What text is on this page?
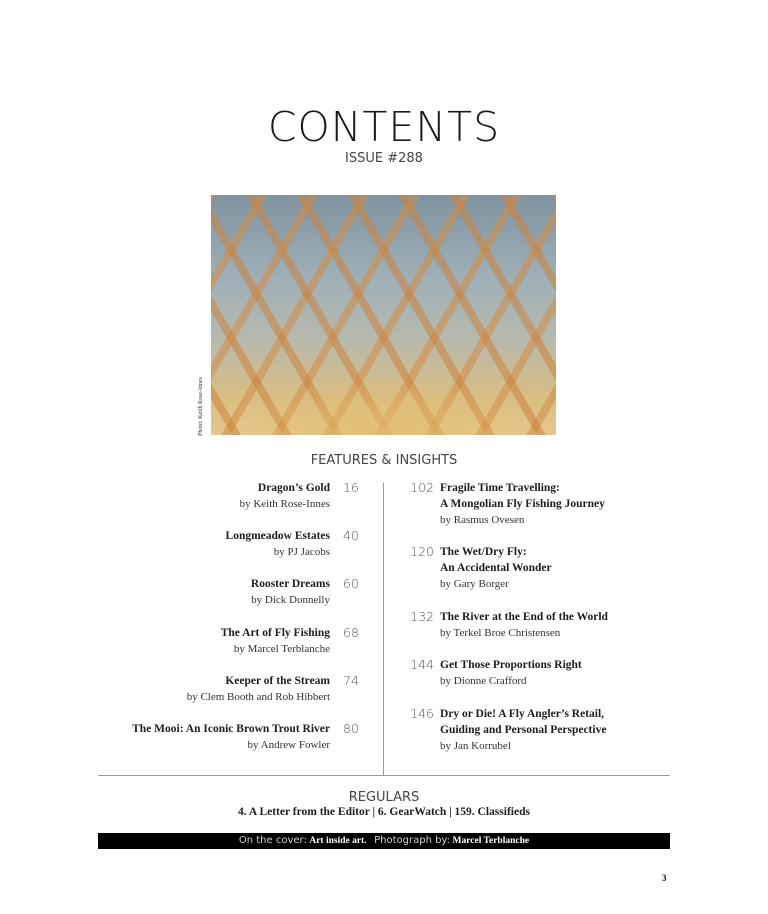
CONTENTS
ISSUE #288
Photo: Keith Rose-Innes
FEATURES & INSIGHTS
Dragon’s Gold
by Keith Rose-Innes
16
Longmeadow Estates
by PJ Jacobs
40
Rooster Dreams
by Dick Donnelly
60
The Art of Fly Fishing
by Marcel Terblanche
68
Keeper of the Stream
by Clem Booth and Rob Hibbert
74
The Mooi: An Iconic Brown Trout River
by Andrew Fowler
80
102 Fragile Time Travelling:
A Mongolian Fly Fishing Journey
by Rasmus Ovesen
120 The Wet/Dry Fly:
An Accidental Wonder
by Gary Borger
132 The River at the End of the World
by Terkel Broe Christensen
144 Get Those Proportions Right
by Dionne Crafford
146 Dry or Die! A Fly Angler’s Retail,
Guiding and Personal Perspective
by Jan Korrubel
REGULARS
4. A Letter from the Editor | 6. GearWatch | 159. Classifieds
On the cover: Art inside art. Photograph by: Marcel Terblanche
3
